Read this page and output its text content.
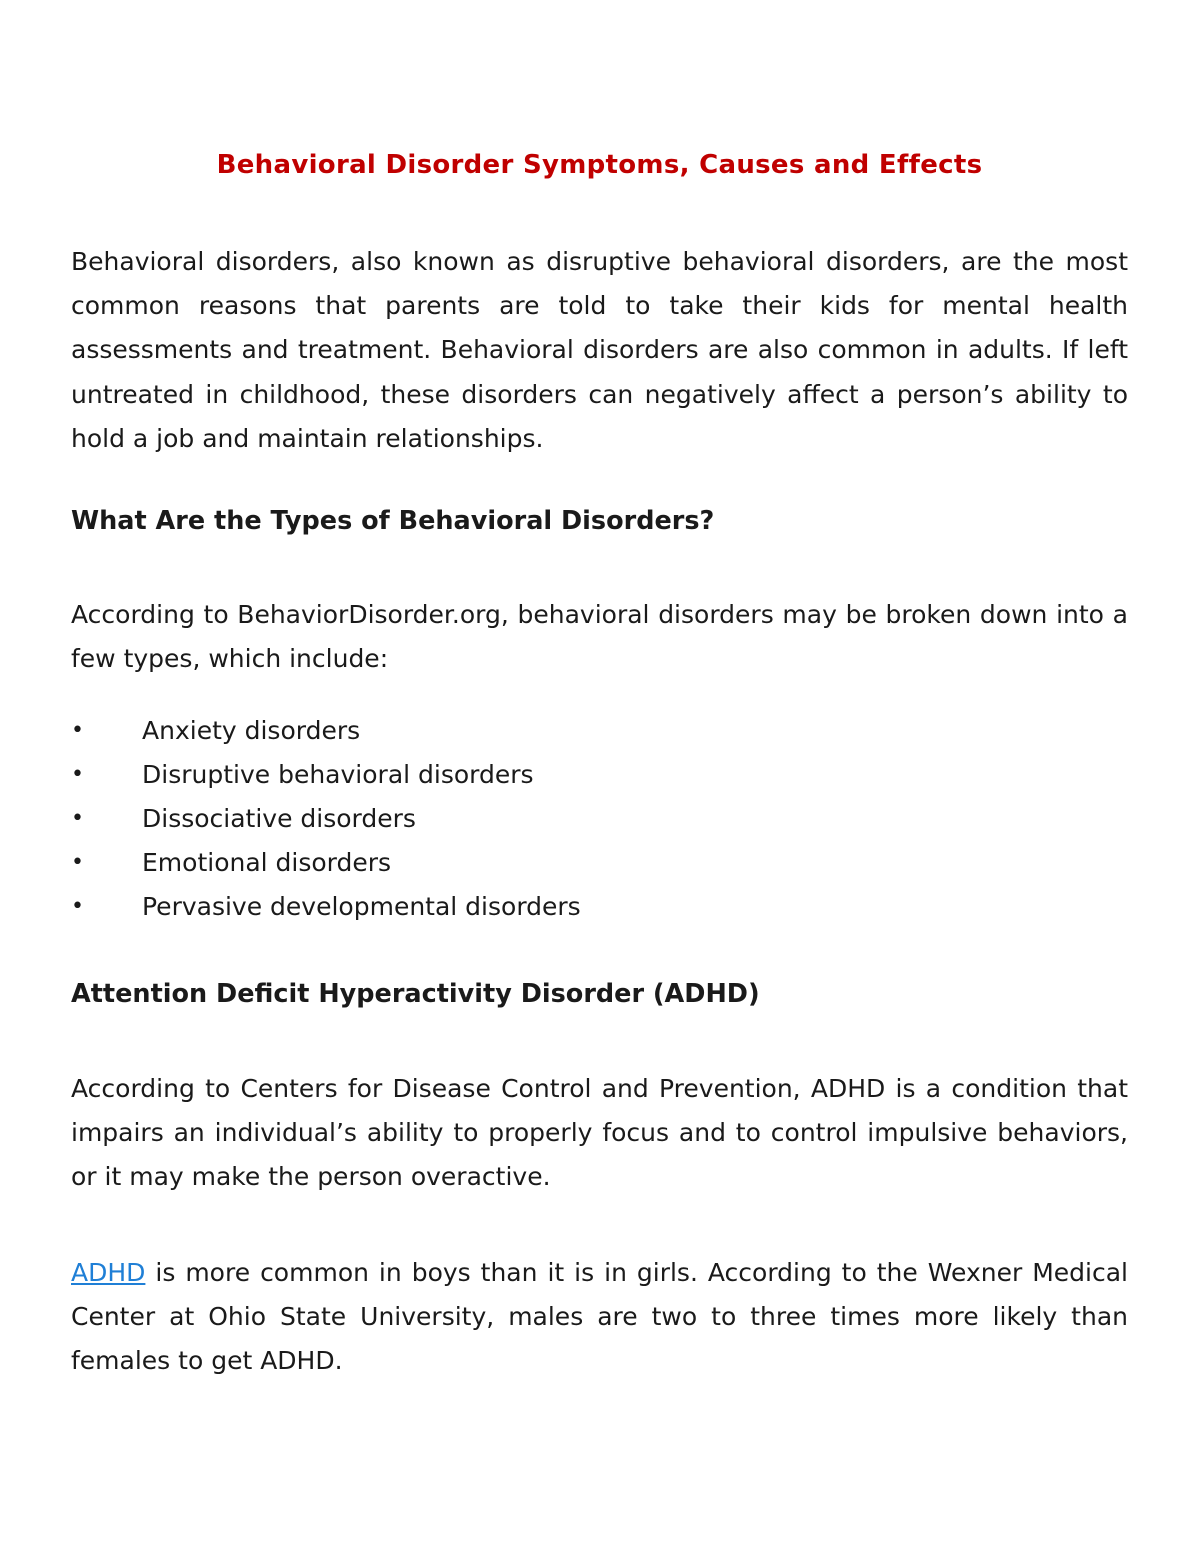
Behavioral Disorder Symptoms, Causes and Effects

Behavioral disorders, also known as disruptive behavioral disorders, are the most common reasons that parents are told to take their kids for mental health assessments and treatment. Behavioral disorders are also common in adults. If left untreated in childhood, these disorders can negatively affect a person’s ability to hold a job and maintain relationships.

What Are the Types of Behavioral Disorders?

According to BehaviorDisorder.org, behavioral disorders may be broken down into a few types, which include:

• Anxiety disorders
• Disruptive behavioral disorders
• Dissociative disorders
• Emotional disorders
• Pervasive developmental disorders
Attention Deficit Hyperactivity Disorder (ADHD)

According to Centers for Disease Control and Prevention, ADHD is a condition that impairs an individual’s ability to properly focus and to control impulsive behaviors, or it may make the person overactive.

ADHD is more common in boys than it is in girls. According to the Wexner Medical Center at Ohio State University, males are two to three times more likely than females to get ADHD.
